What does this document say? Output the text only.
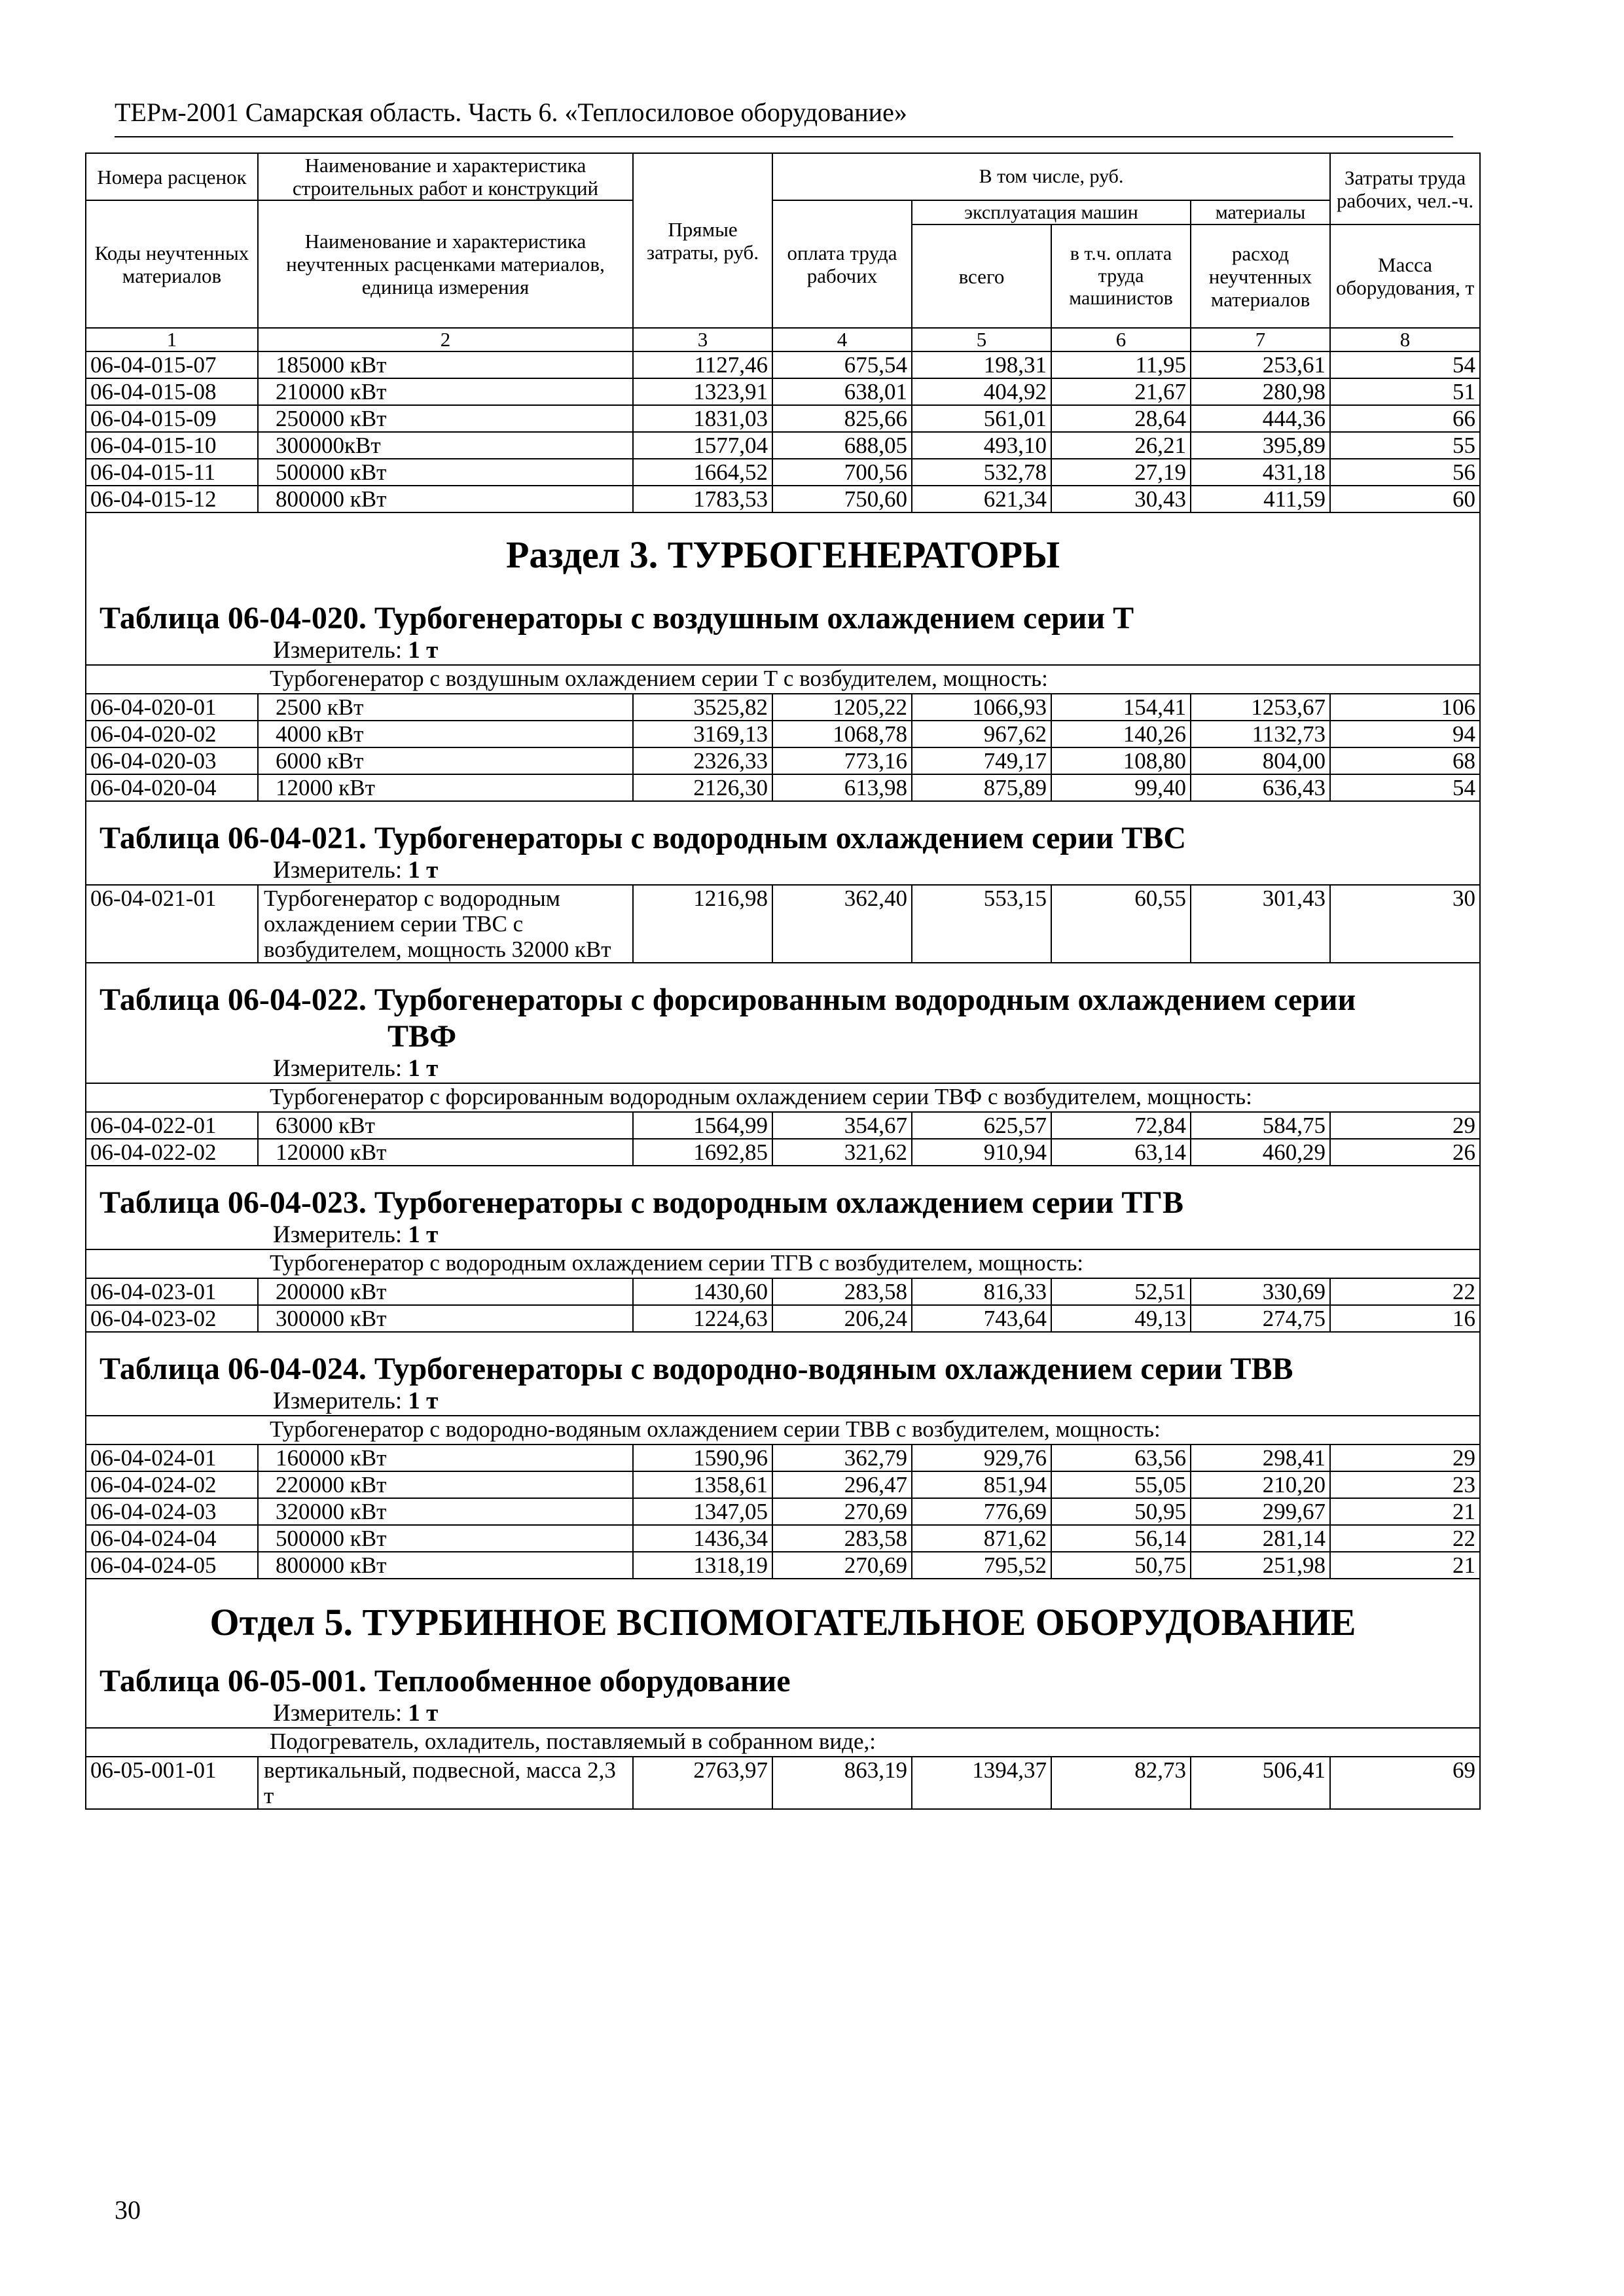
ТЕРм-2001 Самарская область. Часть 6. «Теплосиловое оборудование»
Номера расценок	Наименование и характеристика строительных работ и конструкций	Прямые затраты, руб.	В том числе, руб.				Затраты труда рабочих, чел.-ч.
Коды неучтенных материалов	Наименование и характеристика неучтенных расценками материалов, единица измерения		оплата труда рабочих	эксплуатация машин		материалы	
				всего	в т.ч. оплата труда машинистов	расход неучтенных материалов	Масса оборудования, т
1	2	3	4	5	6	7	8
06-04-015-07	185000 кВт	1127,46	675,54	198,31	11,95	253,61	54
06-04-015-08	210000 кВт	1323,91	638,01	404,92	21,67	280,98	51
06-04-015-09	250000 кВт	1831,03	825,66	561,01	28,64	444,36	66
06-04-015-10	300000кВт	1577,04	688,05	493,10	26,21	395,89	55
06-04-015-11	500000 кВт	1664,52	700,56	532,78	27,19	431,18	56
06-04-015-12	800000 кВт	1783,53	750,60	621,34	30,43	411,59	60

Раздел 3. ТУРБОГЕНЕРАТОРЫ
Таблица 06-04-020. Турбогенераторы с воздушным охлаждением серии Т
Измеритель: 1 т							

Турбогенератор с воздушным охлаждением серии Т с возбудителем, мощность:							
06-04-020-01	2500 кВт	3525,82	1205,22	1066,93	154,41	1253,67	106
06-04-020-02	4000 кВт	3169,13	1068,78	967,62	140,26	1132,73	94
06-04-020-03	6000 кВт	2326,33	773,16	749,17	108,80	804,00	68
06-04-020-04	12000 кВт	2126,30	613,98	875,89	99,40	636,43	54

Таблица 06-04-021. Турбогенераторы с водородным охлаждением серии ТВС
Измеритель: 1 т							

06-04-021-01	Турбогенератор с водородным охлаждением серии ТВС с возбудителем, мощность 32000 кВт	1216,98	362,40	553,15	60,55	301,43	30

Таблица 06-04-022. Турбогенераторы с форсированным водородным охлаждением серии
ТВФ
Измеритель: 1 т							

Турбогенератор с форсированным водородным охлаждением серии ТВФ с возбудителем, мощность:							
06-04-022-01	63000 кВт	1564,99	354,67	625,57	72,84	584,75	29
06-04-022-02	120000 кВт	1692,85	321,62	910,94	63,14	460,29	26

Таблица 06-04-023. Турбогенераторы с водородным охлаждением серии ТГВ
Измеритель: 1 т							

Турбогенератор с водородным охлаждением серии ТГВ с возбудителем, мощность:							
06-04-023-01	200000 кВт	1430,60	283,58	816,33	52,51	330,69	22
06-04-023-02	300000 кВт	1224,63	206,24	743,64	49,13	274,75	16

Таблица 06-04-024. Турбогенераторы с водородно-водяным охлаждением серии ТВВ
Измеритель: 1 т							

Турбогенератор с водородно-водяным охлаждением серии ТВВ с возбудителем, мощность:							
06-04-024-01	160000 кВт	1590,96	362,79	929,76	63,56	298,41	29
06-04-024-02	220000 кВт	1358,61	296,47	851,94	55,05	210,20	23
06-04-024-03	320000 кВт	1347,05	270,69	776,69	50,95	299,67	21
06-04-024-04	500000 кВт	1436,34	283,58	871,62	56,14	281,14	22
06-04-024-05	800000 кВт	1318,19	270,69	795,52	50,75	251,98	21

Отдел 5. ТУРБИННОЕ ВСПОМОГАТЕЛЬНОЕ ОБОРУДОВАНИЕ
Таблица 06-05-001. Теплообменное оборудование
Измеритель: 1 т							

Подогреватель, охладитель, поставляемый в собранном виде,:							
06-05-001-01	вертикальный, подвесной, масса 2,3 т	2763,97	863,19	1394,37	82,73	506,41	69
30
